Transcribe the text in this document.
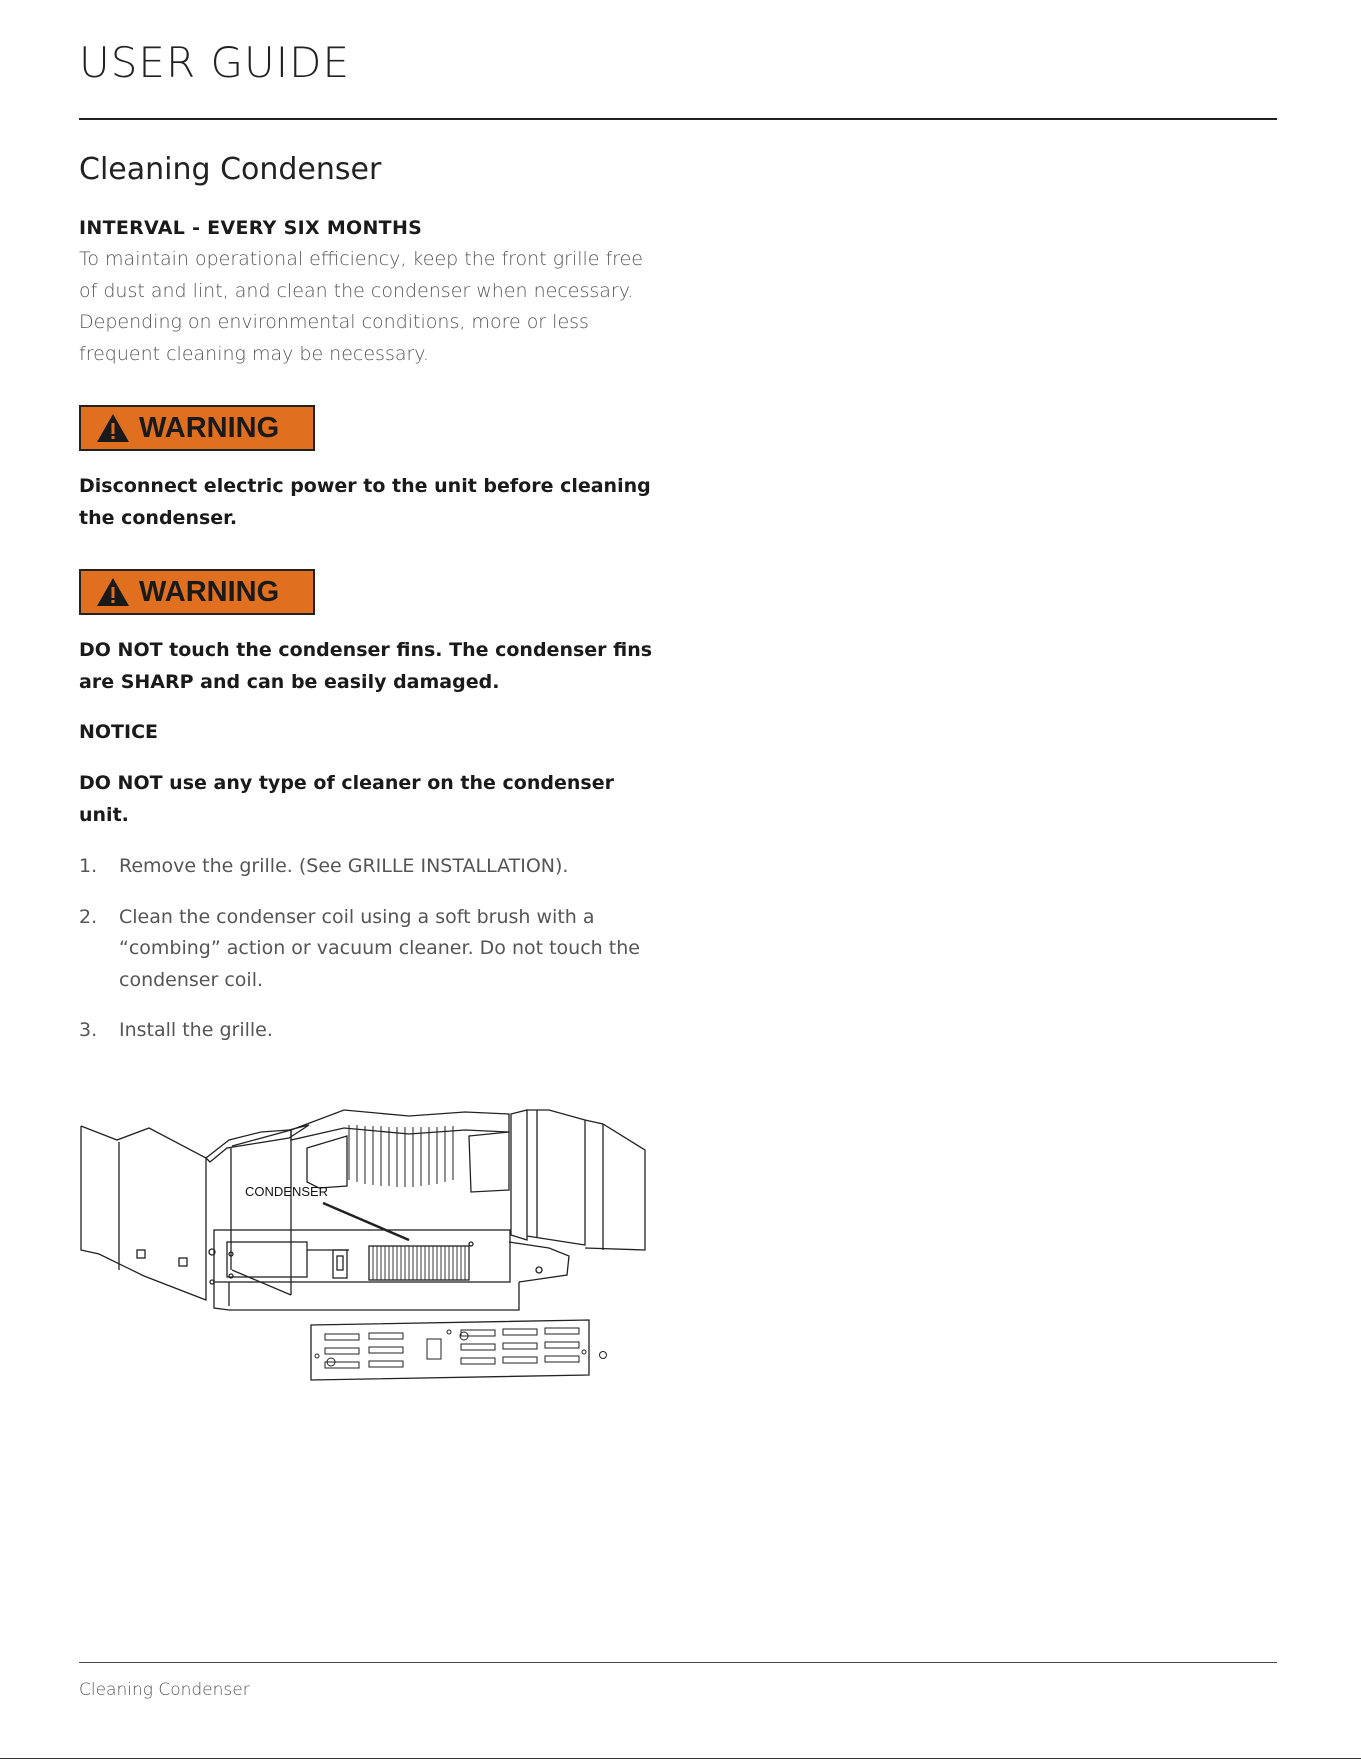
USER GUIDE
Cleaning Condenser
INTERVAL - EVERY SIX MONTHS
To maintain operational efficiency, keep the front grille free of dust and lint, and clean the condenser when necessary. Depending on environmental conditions, more or less frequent cleaning may be necessary.
WARNING
Disconnect electric power to the unit before cleaning the condenser.
WARNING
DO NOT touch the condenser fins. The condenser fins are SHARP and can be easily damaged.
NOTICE
DO NOT use any type of cleaner on the condenser unit.
1.	Remove the grille. (See GRILLE INSTALLATION).
2.	Clean the condenser coil using a soft brush with a “combing” action or vacuum cleaner. Do not touch the condenser coil.
3.	Install the grille.
CONDENSER
Cleaning Condenser
